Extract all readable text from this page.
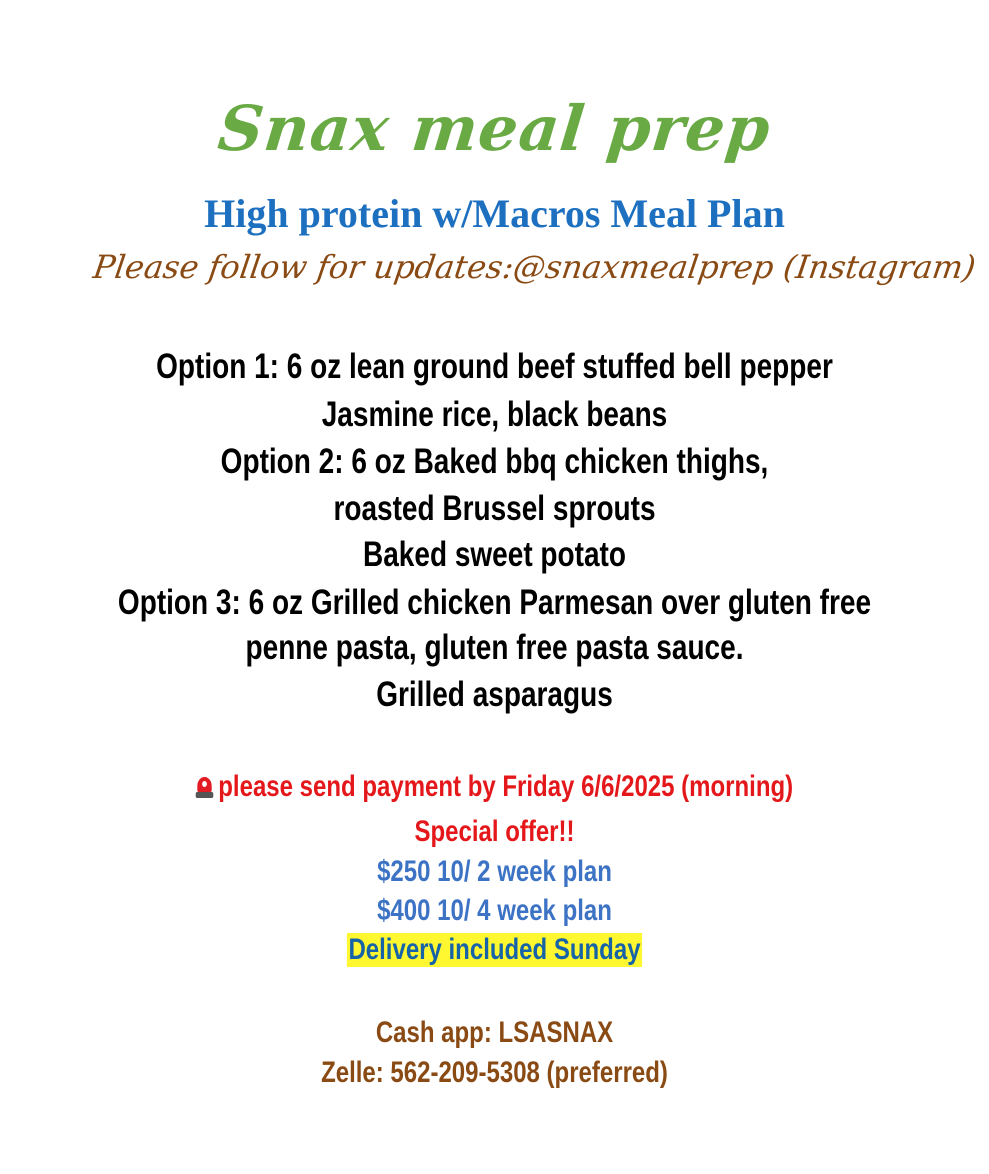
Snax meal prep
High protein w/Macros Meal Plan
Please follow for updates:@snaxmealprep (Instagram)
Option 1: 6 oz lean ground beef stuffed bell pepper
Jasmine rice, black beans
Option 2: 6 oz Baked bbq chicken thighs,
roasted Brussel sprouts
Baked sweet potato
Option 3: 6 oz Grilled chicken Parmesan over gluten free
penne pasta, gluten free pasta sauce.
Grilled asparagus
please send payment by Friday 6/6/2025 (morning)
Special offer!!
$250 10/ 2 week plan
$400 10/ 4 week plan
Delivery included Sunday
Cash app: LSASNAX
Zelle: 562-209-5308 (preferred)
